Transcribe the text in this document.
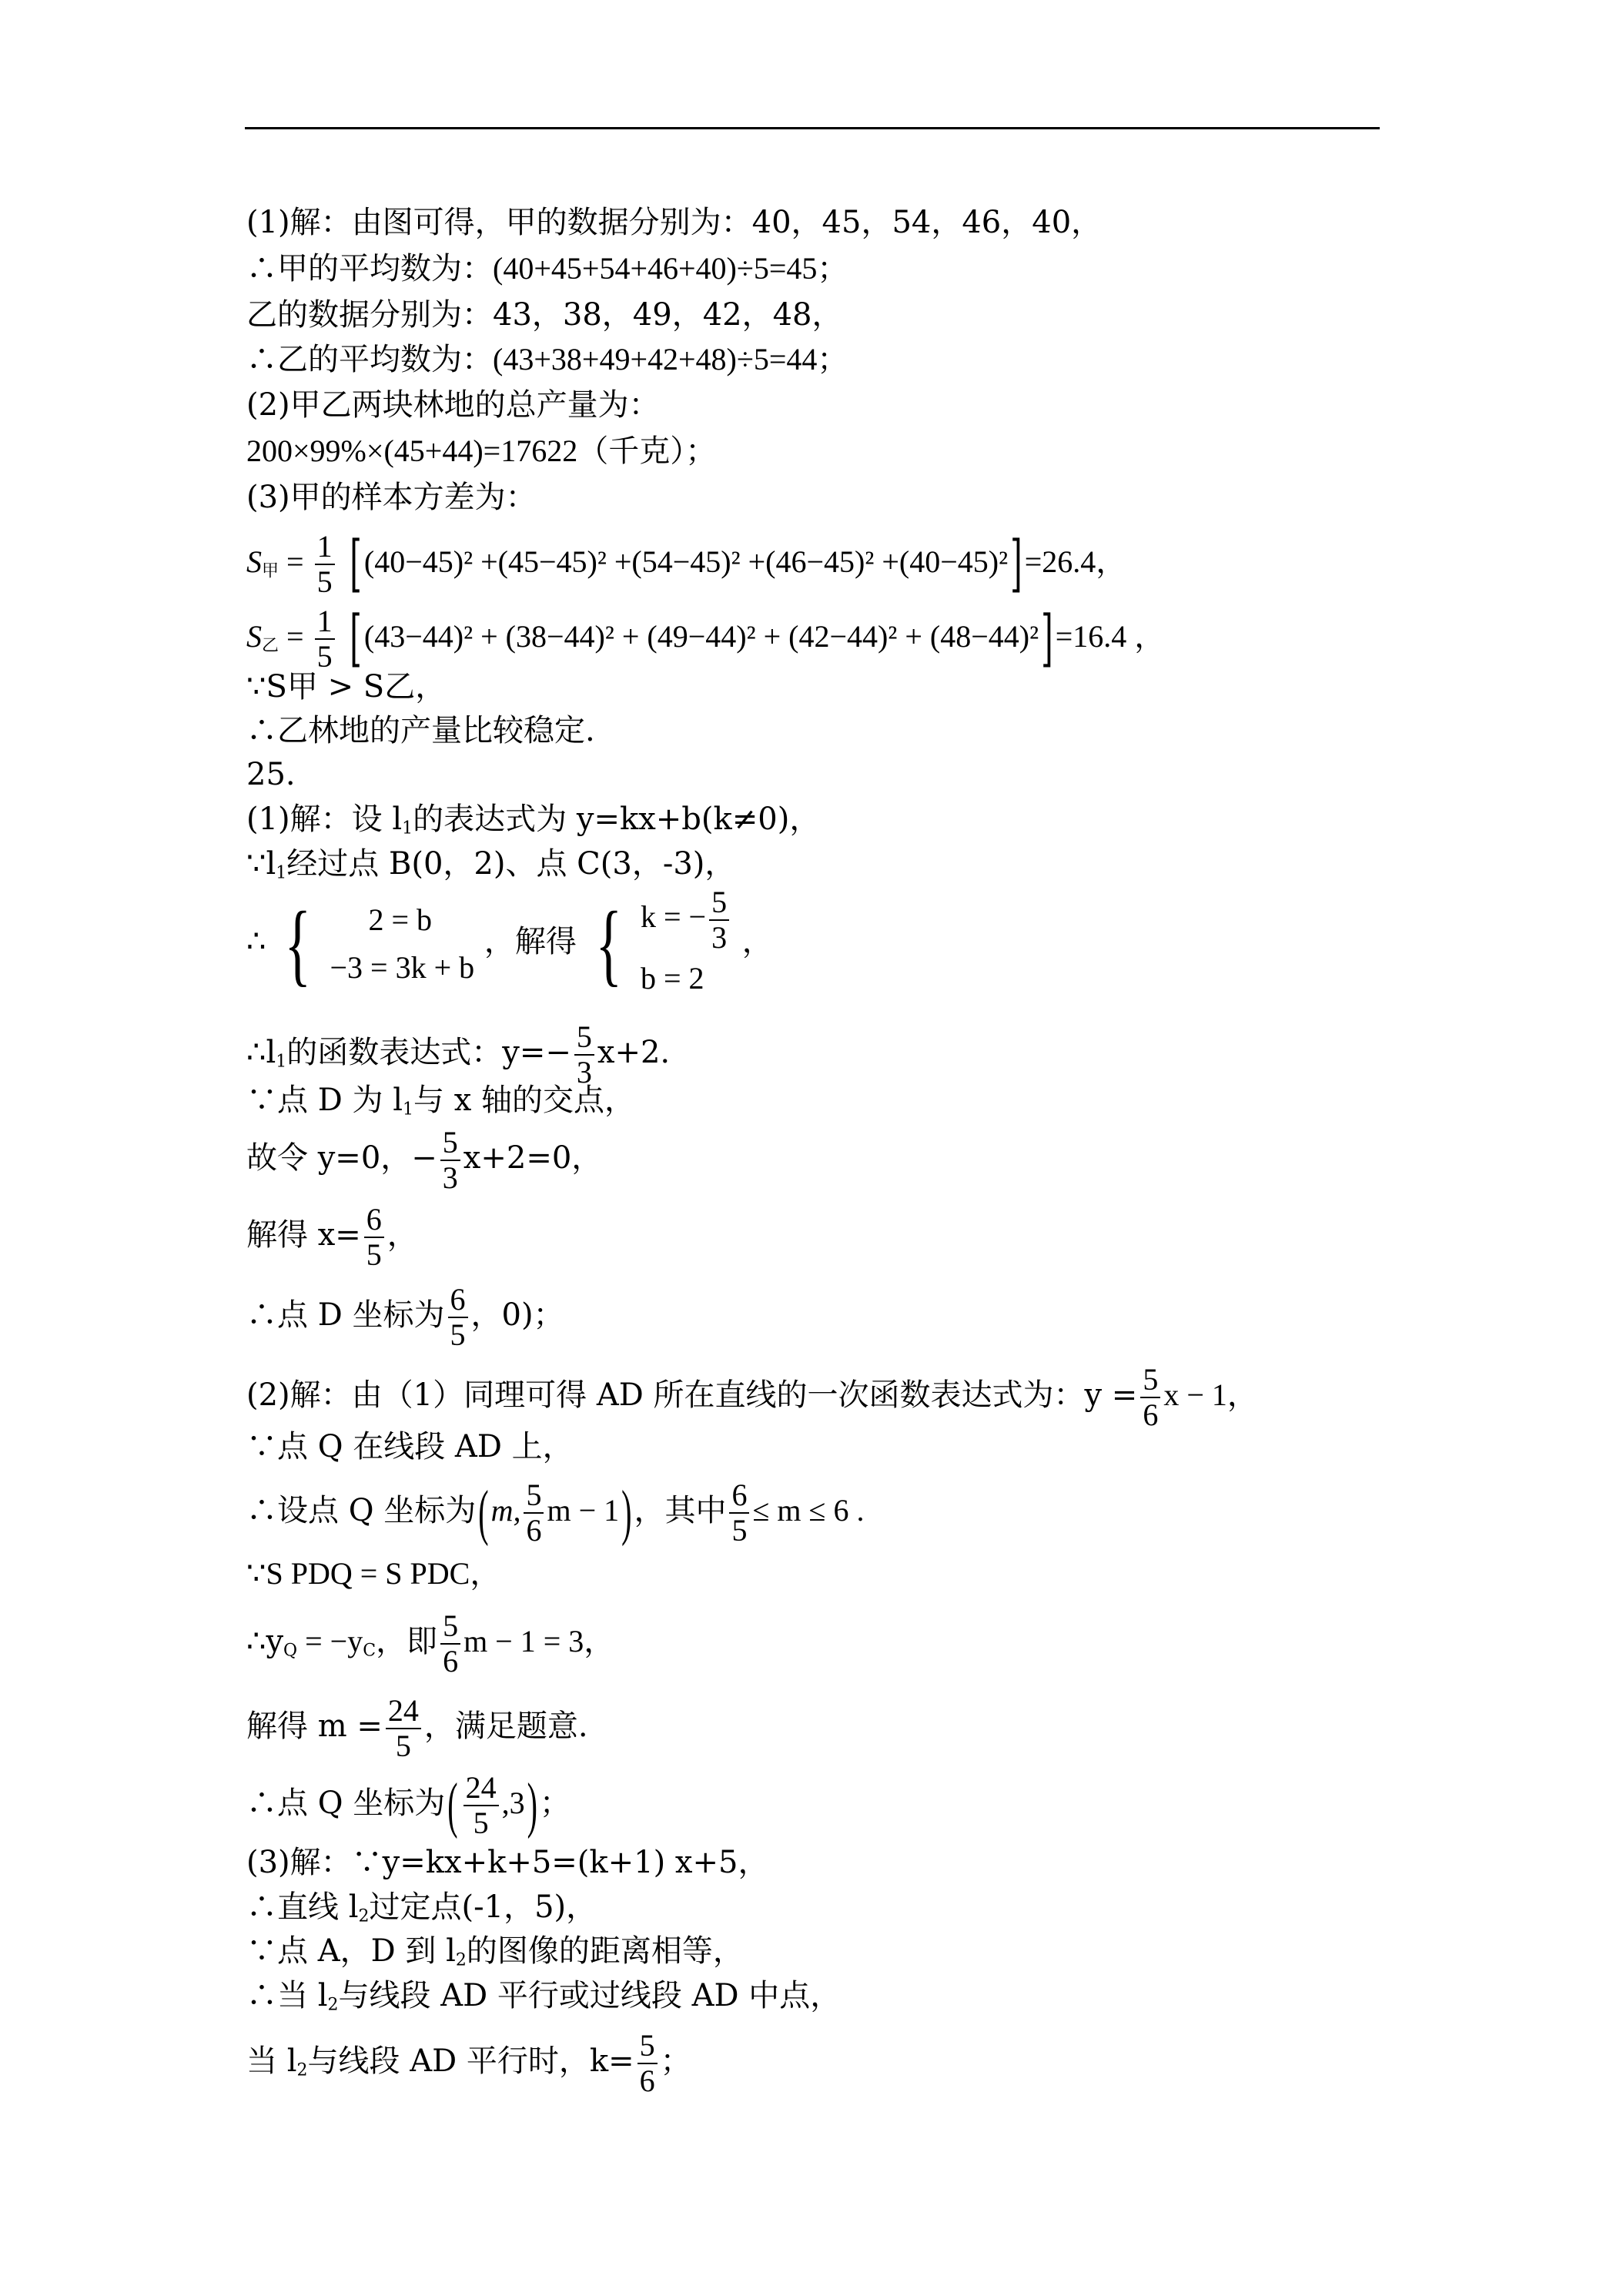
(1)解：由图可得，甲的数据分别为：40，45，54，46，40，
∴甲的平均数为：(40+45+54+46+40)÷5=45；
乙的数据分别为：43，38，49，42，48，
∴乙的平均数为：(43+38+49+42+48)÷5=44；
(2)甲乙两块林地的总产量为：
200×99%×(45+44)=17622（千克）；
(3)甲的样本方差为：
$S_甲 = \frac{1}{5} [(40-45)^2 +(45-45)^2 +(54-45)^2 +(46-45)^2 +(40-45)^2]=26.4$，
$S_乙 = \frac{1}{5} [(43-44)^2 + (38-44)^2 + (49-44)^2 + (42-44)^2 + (48-44)^2]=16.4$ ，
∵S甲 > S乙，
∴乙林地的产量比较稳定.
25.
(1)解：设 $l_1$的表达式为 y=kx+b(k≠0)，
$\because l_1$经过点 B(0，2)、点 C(3，-3)，
∴ {	2 = b
−3 = 3k + b
，解得 { k = − $\frac{5}{3}$
b = 2
，
$\therefore l_1$的函数表达式：$y=- \frac{5}{3} x+2$.
∵点 D 为 $l_1$与 x 轴的交点，
故令 y=0，− $\frac{5}{3} x+2=0$，
解得 $x= \frac{6}{5}$ ，
∴点 D 坐标为 $\frac{6}{5}$ ，0)；
(2)解：由（1）同理可得 AD 所在直线的一次函数表达式为：$y = \frac{5}{6}$ x − 1，
∵点 Q 在线段 AD 上，
∴设点 Q 坐标为(m, $\frac{5}{6}$ m − 1)，其中 $\frac{6}{5} \le m \le 6$ .
∵S PDQ = S PDC，
$\therefore y_Q = -y_C$，即 $\frac{5}{6}$ m − 1 = 3，
解得 $m = \frac{24}{5}$ ，满足题意.
∴点 Q 坐标为( $\frac{24}{5} ,3$)；
(3)解：∵y=kx+k+5=(k+1) x+5，
∴直线 $l_2$过定点(-1，5)，
∵点 A，D 到 $l_2$的图像的距离相等，
∴当 $l_2$与线段 AD 平行或过线段 AD 中点，
当 $l_2$与线段 AD 平行时，$k= \frac{5}{6}$ ；
